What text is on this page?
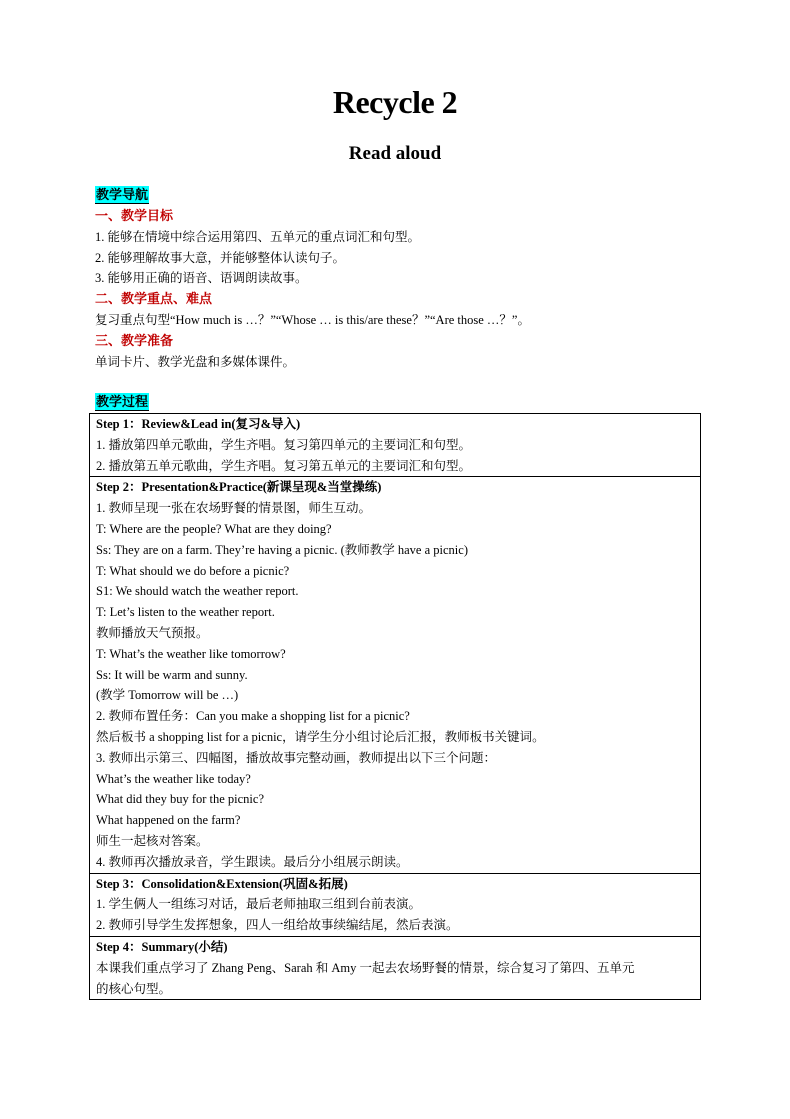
Recycle 2
Read aloud
教学导航
一、教学目标
1. 能够在情境中综合运用第四、五单元的重点词汇和句型。
2. 能够理解故事大意，并能够整体认读句子。
3. 能够用正确的语音、语调朗读故事。
二、教学重点、难点
复习重点句型“How much is …？”“Whose … is this/are these？”“Are those …？”。
三、教学准备
单词卡片、教学光盘和多媒体课件。
教学过程
Step 1：Review&Lead in(复习&导入)
1. 播放第四单元歌曲，学生齐唱。复习第四单元的主要词汇和句型。
2. 播放第五单元歌曲，学生齐唱。复习第五单元的主要词汇和句型。
Step 2：Presentation&Practice(新课呈现&当堂操练)
1. 教师呈现一张在农场野餐的情景图，师生互动。
T: Where are the people? What are they doing?
Ss: They are on a farm. They’re having a picnic. (教师教学 have a picnic)
T: What should we do before a picnic?
S1: We should watch the weather report.
T: Let’s listen to the weather report.
教师播放天气预报。
T: What’s the weather like tomorrow?
Ss: It will be warm and sunny.
(教学 Tomorrow will be …)
2. 教师布置任务：Can you make a shopping list for a picnic?
然后板书 a shopping list for a picnic，请学生分小组讨论后汇报，教师板书关键词。
3. 教师出示第三、四幅图，播放故事完整动画，教师提出以下三个问题：
What’s the weather like today?
What did they buy for the picnic?
What happened on the farm?
师生一起核对答案。
4. 教师再次播放录音，学生跟读。最后分小组展示朗读。
Step 3：Consolidation&Extension(巩固&拓展)
1. 学生俩人一组练习对话，最后老师抽取三组到台前表演。
2. 教师引导学生发挥想象，四人一组给故事续编结尾，然后表演。
Step 4：Summary(小结)
本课我们重点学习了 Zhang Peng、Sarah 和 Amy 一起去农场野餐的情景，综合复习了第四、五单元
的核心句型。
